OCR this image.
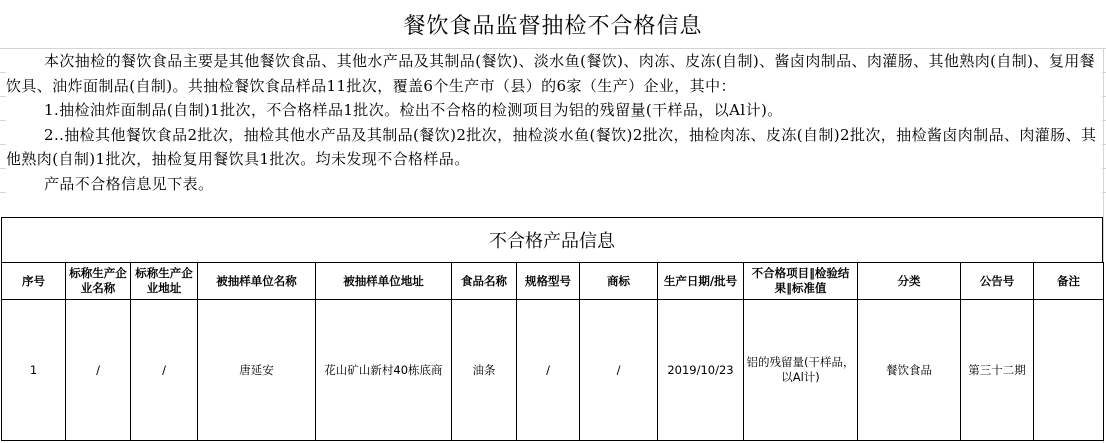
餐饮食品监督抽检不合格信息

本次抽检的餐饮食品主要是其他餐饮食品、其他水产品及其制品(餐饮)、淡水鱼(餐饮)、肉冻、皮冻(自制)、酱卤肉制品、肉灌肠、其他熟肉(自制)、复用餐饮具、油炸面制品(自制)。共抽检餐饮食品样品11批次，覆盖6个生产市（县）的6家（生产）企业，其中：

1.抽检油炸面制品(自制)1批次，不合格样品1批次。检出不合格的检测项目为铝的残留量(干样品，以Al计)。

2..抽检其他餐饮食品2批次，抽检其他水产品及其制品(餐饮)2批次，抽检淡水鱼(餐饮)2批次，抽检肉冻、皮冻(自制)2批次，抽检酱卤肉制品、肉灌肠、其他熟肉(自制)1批次，抽检复用餐饮具1批次。均未发现不合格样品。

产品不合格信息见下表。

不合格产品信息
序号	标称生产企业名称	标称生产企业地址	被抽样单位名称	被抽样单位地址	食品名称	规格型号	商标	生产日期/批号	不合格项目‖检验结果‖标准值	分类	公告号	备注
1	/	/	唐延安	花山矿山新村40栋底商	油条	/	/	2019/10/23	铝的残留量(干样品，以Al计)	餐饮食品	第三十二期	
